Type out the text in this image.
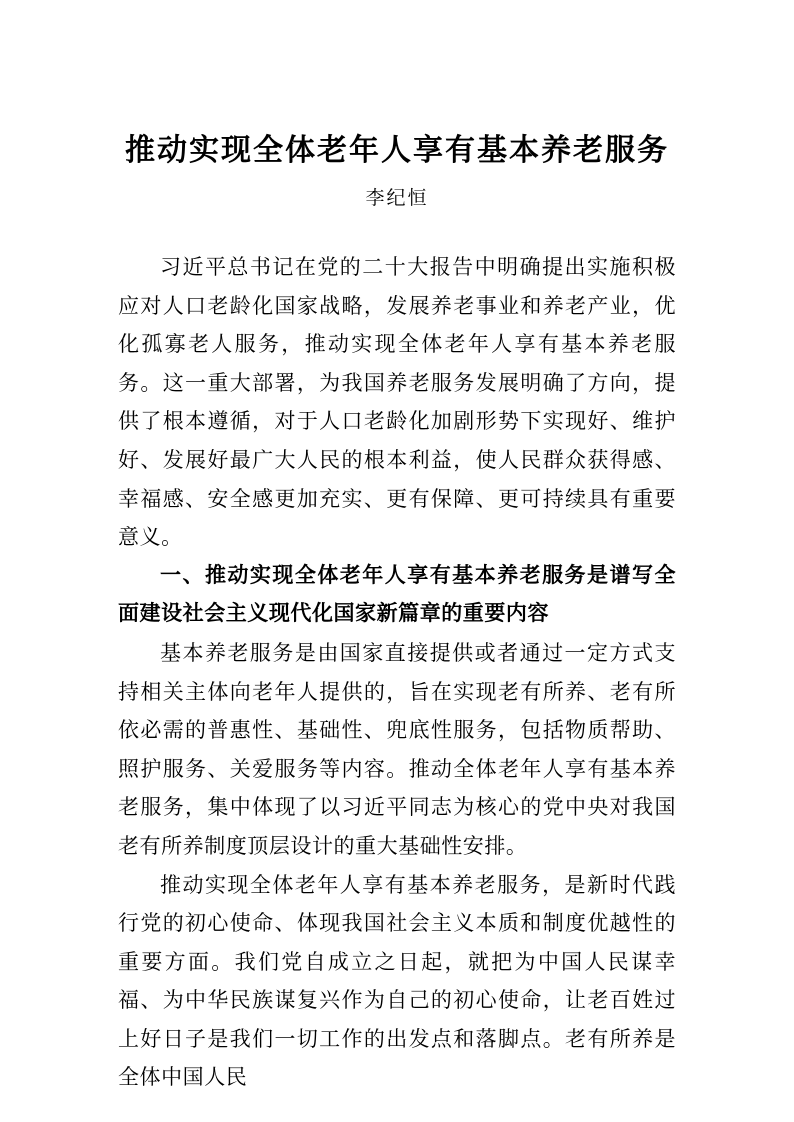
推动实现全体老年人享有基本养老服务
李纪恒

习近平总书记在党的二十大报告中明确提出实施积极应对人口老龄化国家战略，发展养老事业和养老产业，优化孤寡老人服务，推动实现全体老年人享有基本养老服务。这一重大部署，为我国养老服务发展明确了方向，提供了根本遵循，对于人口老龄化加剧形势下实现好、维护好、发展好最广大人民的根本利益，使人民群众获得感、幸福感、安全感更加充实、更有保障、更可持续具有重要意义。

一、推动实现全体老年人享有基本养老服务是谱写全面建设社会主义现代化国家新篇章的重要内容

基本养老服务是由国家直接提供或者通过一定方式支持相关主体向老年人提供的，旨在实现老有所养、老有所依必需的普惠性、基础性、兜底性服务，包括物质帮助、照护服务、关爱服务等内容。推动全体老年人享有基本养老服务，集中体现了以习近平同志为核心的党中央对我国老有所养制度顶层设计的重大基础性安排。

推动实现全体老年人享有基本养老服务，是新时代践行党的初心使命、体现我国社会主义本质和制度优越性的重要方面。我们党自成立之日起，就把为中国人民谋幸福、为中华民族谋复兴作为自己的初心使命，让老百姓过上好日子是我们一切工作的出发点和落脚点。老有所养是全体中国人民
